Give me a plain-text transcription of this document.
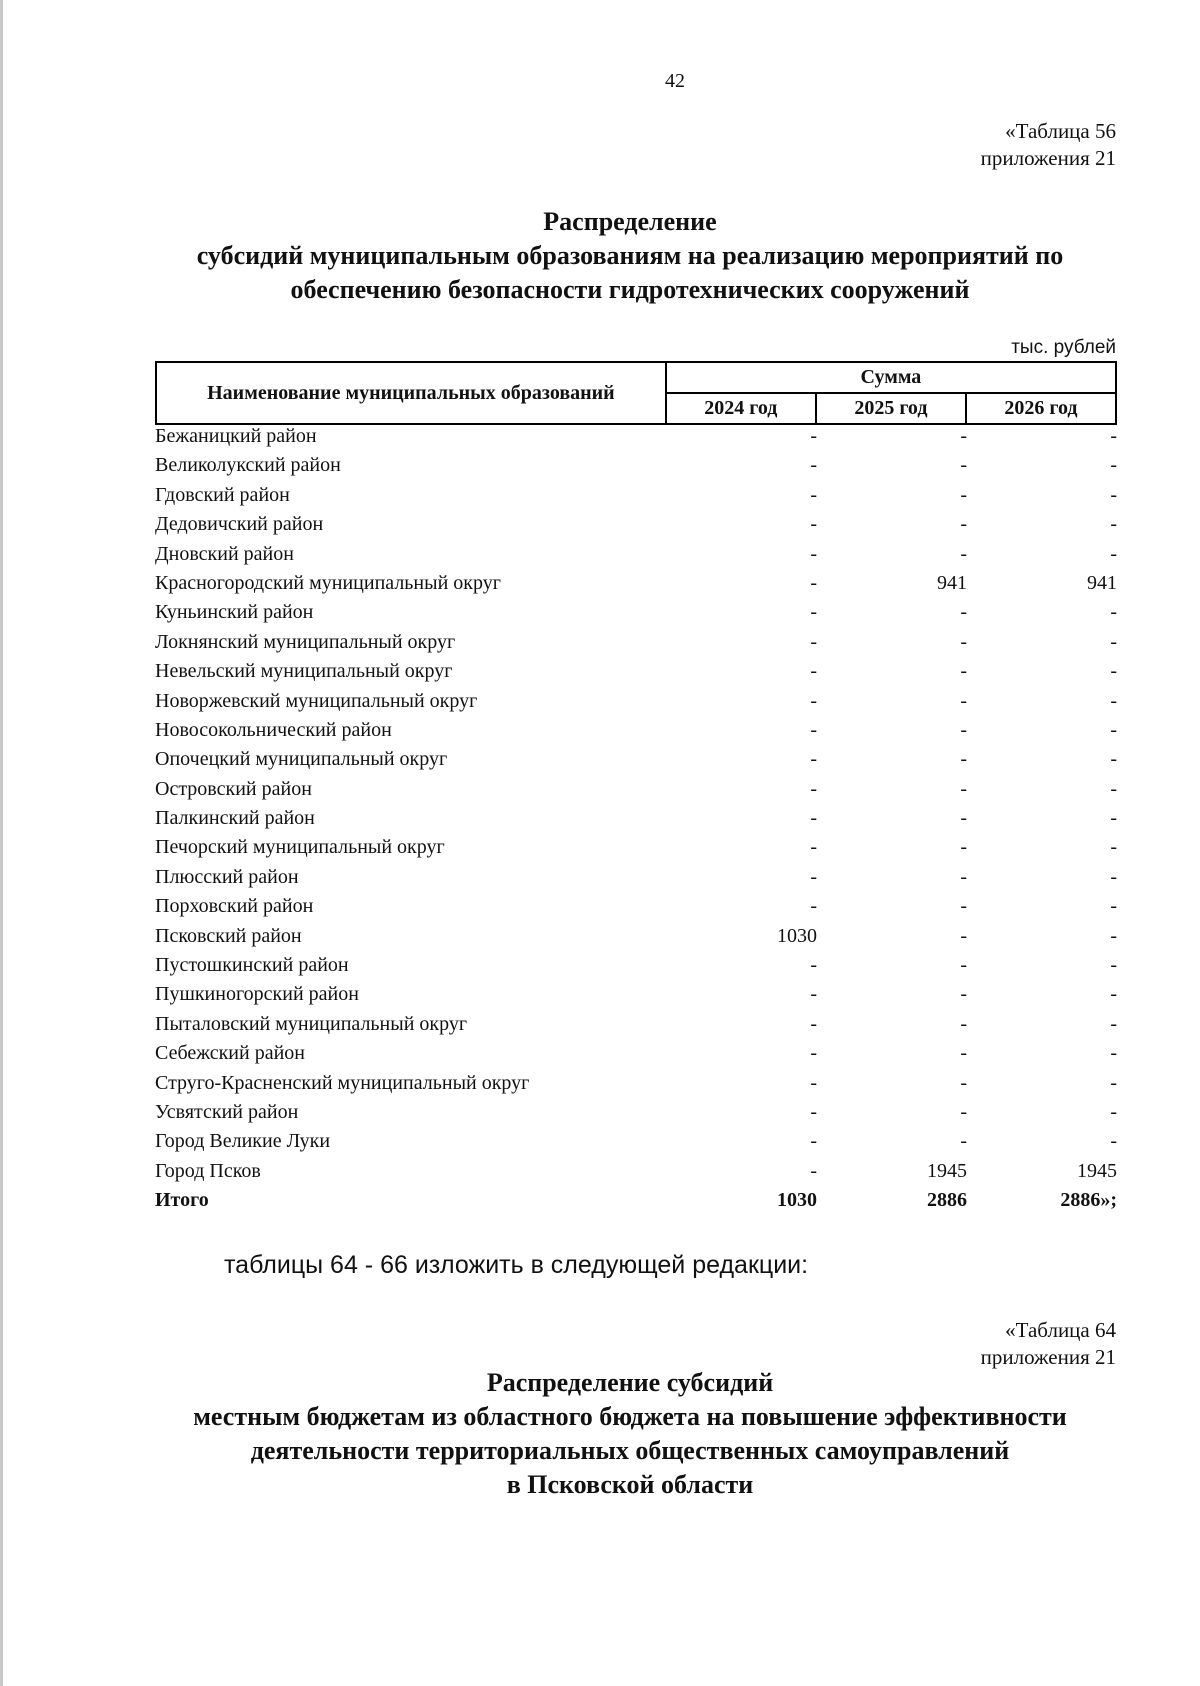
42
«Таблица 56
приложения 21
Распределение
субсидий муниципальным образованиям на реализацию мероприятий по
обеспечению безопасности гидротехнических сооружений
тыс. рублей
Наименование муниципальных образований	Сумма		
	2024 год	2025 год	2026 год
Бежаницкий район	-	-	-
Великолукский район	-	-	-
Гдовский район	-	-	-
Дедовичский район	-	-	-
Дновский район	-	-	-
Красногородский муниципальный округ	-	941	941
Куньинский район	-	-	-
Локнянский муниципальный округ	-	-	-
Невельский муниципальный округ	-	-	-
Новоржевский муниципальный округ	-	-	-
Новосокольнический район	-	-	-
Опочецкий муниципальный округ	-	-	-
Островский район	-	-	-
Палкинский район	-	-	-
Печорский муниципальный округ	-	-	-
Плюсский район	-	-	-
Порховский район	-	-	-
Псковский район	1030	-	-
Пустошкинский район	-	-	-
Пушкиногорский район	-	-	-
Пыталовский муниципальный округ	-	-	-
Себежский район	-	-	-
Струго-Красненский муниципальный округ	-	-	-
Усвятский район	-	-	-
Город Великие Луки	-	-	-
Город Псков	-	1945	1945
Итого	1030	2886	2886»;
таблицы 64 - 66 изложить в следующей редакции:
«Таблица 64
приложения 21
Распределение субсидий
местным бюджетам из областного бюджета на повышение эффективности
деятельности территориальных общественных самоуправлений
в Псковской области
